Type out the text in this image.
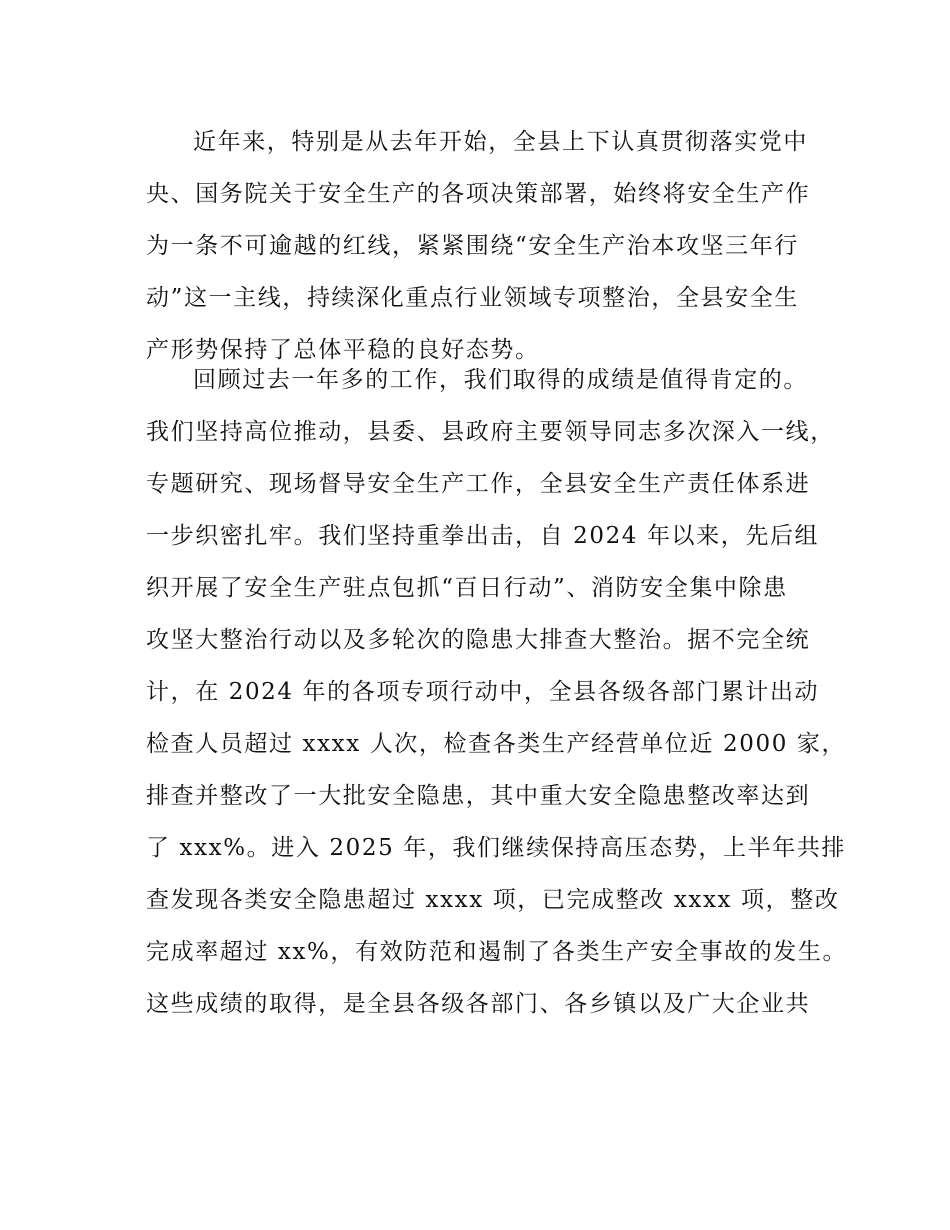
近年来，特别是从去年开始，全县上下认真贯彻落实党中
央、国务院关于安全生产的各项决策部署，始终将安全生产作
为一条不可逾越的红线，紧紧围绕“安全生产治本攻坚三年行
动”这一主线，持续深化重点行业领域专项整治，全县安全生
产形势保持了总体平稳的良好态势。
回顾过去一年多的工作，我们取得的成绩是值得肯定的。
我们坚持高位推动，县委、县政府主要领导同志多次深入一线，
专题研究、现场督导安全生产工作，全县安全生产责任体系进
一步织密扎牢。我们坚持重拳出击，自 2024 年以来，先后组
织开展了安全生产驻点包抓“百日行动”、消防安全集中除患
攻坚大整治行动以及多轮次的隐患大排查大整治。据不完全统
计，在 2024 年的各项专项行动中，全县各级各部门累计出动
检查人员超过 xxxx 人次，检查各类生产经营单位近 2000 家，
排查并整改了一大批安全隐患，其中重大安全隐患整改率达到
了 xxx%。进入 2025 年，我们继续保持高压态势，上半年共排
查发现各类安全隐患超过 xxxx 项，已完成整改 xxxx 项，整改
完成率超过 xx%，有效防范和遏制了各类生产安全事故的发生。
这些成绩的取得，是全县各级各部门、各乡镇以及广大企业共
